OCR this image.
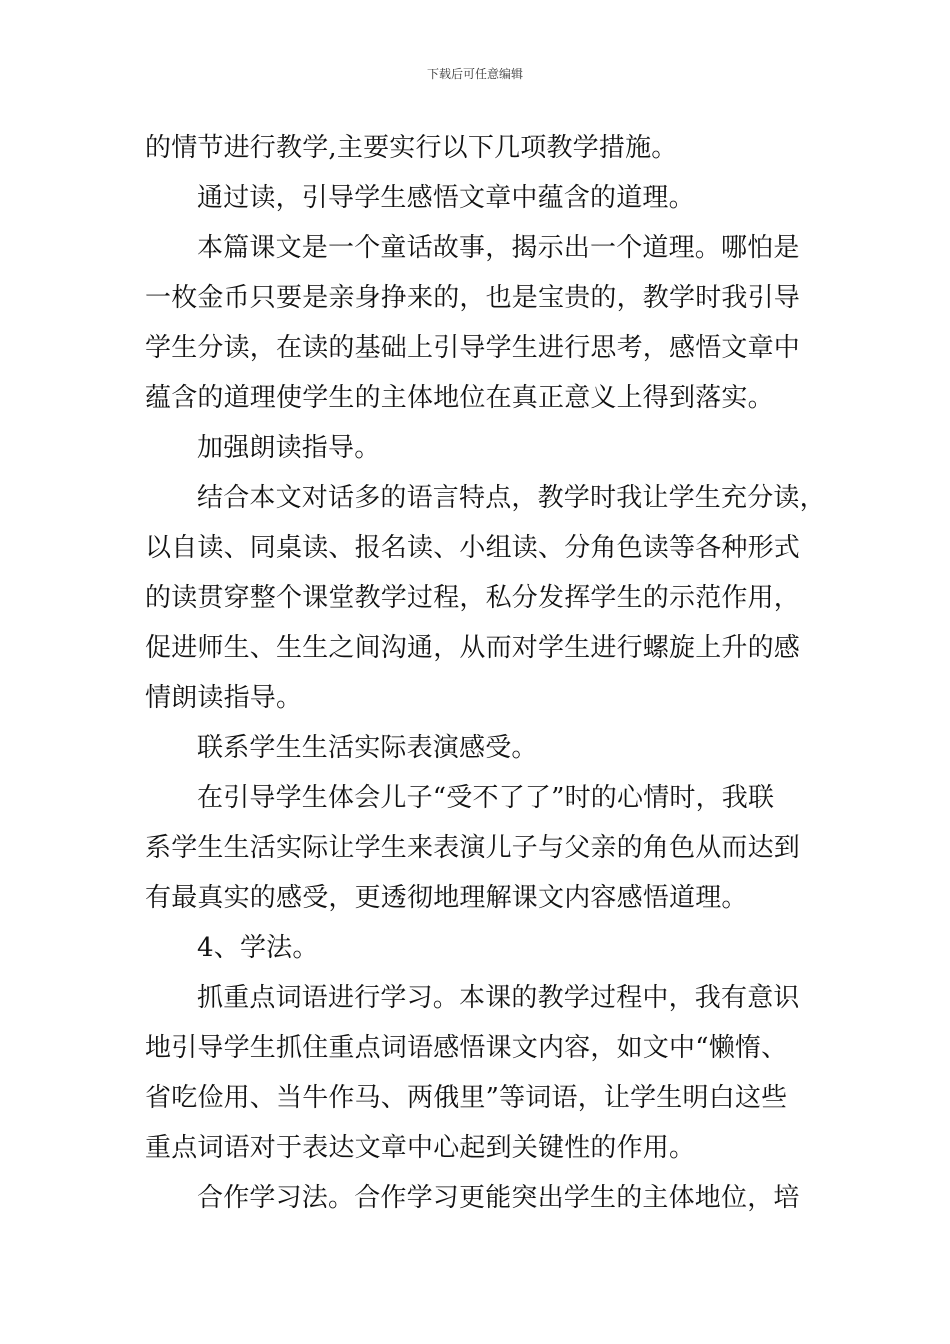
下载后可任意编辑
的情节进行教学,主要实行以下几项教学措施。
通过读，引导学生感悟文章中蕴含的道理。
本篇课文是一个童话故事，揭示出一个道理。哪怕是
一枚金币只要是亲身挣来的，也是宝贵的，教学时我引导
学生分读，在读的基础上引导学生进行思考，感悟文章中
蕴含的道理使学生的主体地位在真正意义上得到落实。
加强朗读指导。
结合本文对话多的语言特点，教学时我让学生充分读，
以自读、同桌读、报名读、小组读、分角色读等各种形式
的读贯穿整个课堂教学过程，私分发挥学生的示范作用，
促进师生、生生之间沟通，从而对学生进行螺旋上升的感
情朗读指导。
联系学生生活实际表演感受。
在引导学生体会儿子“受不了了”时的心情时，我联
系学生生活实际让学生来表演儿子与父亲的角色从而达到
有最真实的感受，更透彻地理解课文内容感悟道理。
4、学法。
抓重点词语进行学习。本课的教学过程中，我有意识
地引导学生抓住重点词语感悟课文内容，如文中“懒惰、
省吃俭用、当牛作马、两俄里”等词语，让学生明白这些
重点词语对于表达文章中心起到关键性的作用。
合作学习法。合作学习更能突出学生的主体地位，培
